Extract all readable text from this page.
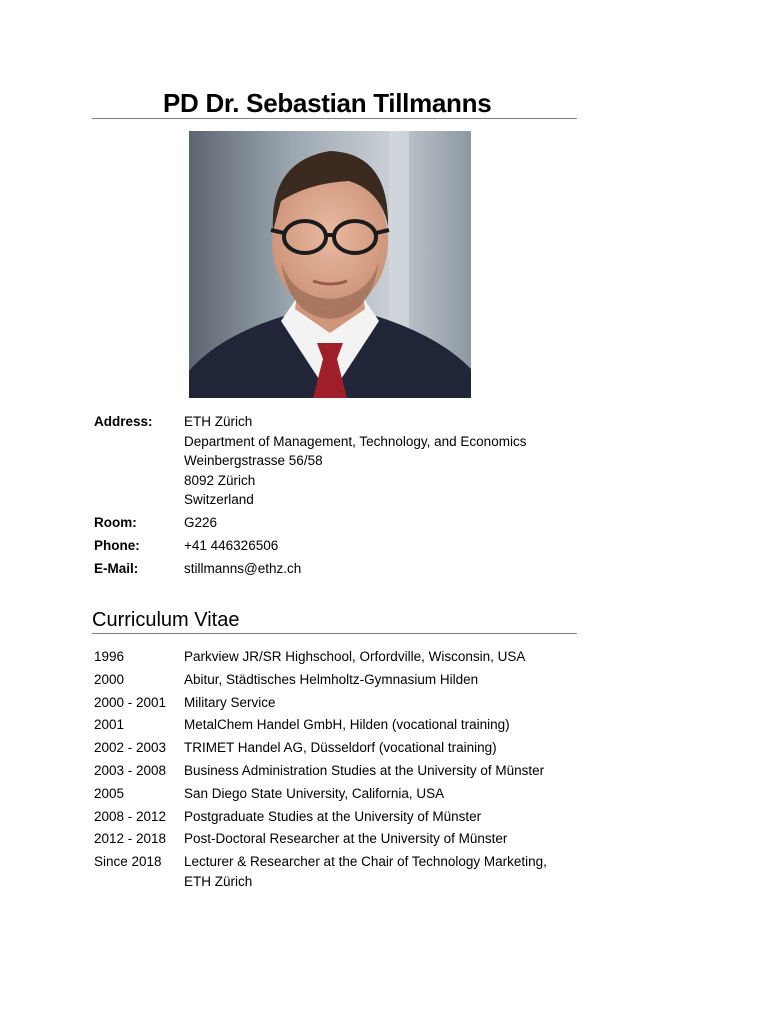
PD Dr. Sebastian Tillmanns
Address:	ETH Zürich
Department of Management, Technology, and Economics
Weinbergstrasse 56/58
8092 Zürich
Switzerland
Room:	G226
Phone:	+41 446326506
E-Mail:	stillmanns@ethz.ch
Curriculum Vitae
1996	Parkview JR/SR Highschool, Orfordville, Wisconsin, USA
2000	Abitur, Städtisches Helmholtz-Gymnasium Hilden
2000 - 2001	Military Service
2001	MetalChem Handel GmbH, Hilden (vocational training)
2002 - 2003	TRIMET Handel AG, Düsseldorf (vocational training)
2003 - 2008	Business Administration Studies at the University of Münster
2005	San Diego State University, California, USA
2008 - 2012	Postgraduate Studies at the University of Münster
2012 - 2018	Post-Doctoral Researcher at the University of Münster
Since 2018	Lecturer & Researcher at the Chair of Technology Marketing,
ETH Zürich
